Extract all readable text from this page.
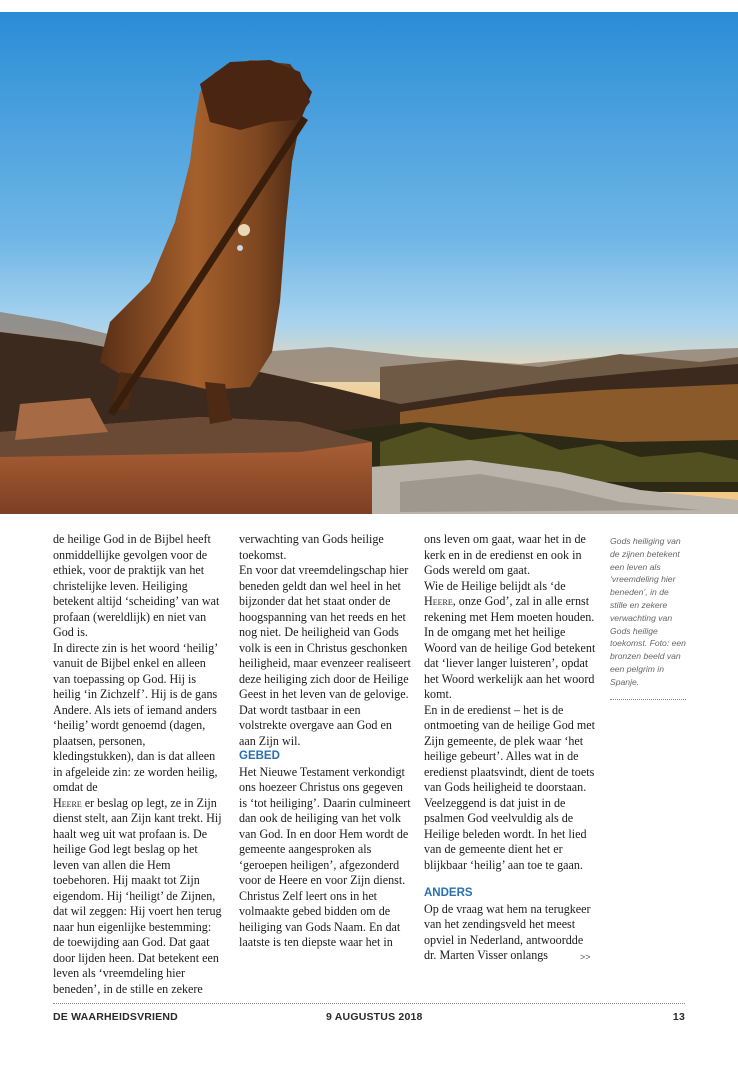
de heilige God in de Bijbel heeft onmiddellijke gevolgen voor de ethiek, voor de praktijk van het christelijke leven. Heiliging betekent altijd ‘scheiding’ van wat profaan (wereldlijk) en niet van God is.

In directe zin is het woord ‘heilig’ vanuit de Bijbel enkel en alleen van toepassing op God. Hij is heilig ‘in Zichzelf’. Hij is de gans Andere. Als iets of iemand anders ‘heilig’ wordt genoemd (dagen, plaatsen, personen, kledingstukken), dan is dat alleen in afgeleide zin: ze worden heilig, omdat de

Heere er beslag op legt, ze in Zijn dienst stelt, aan Zijn kant trekt. Hij haalt weg uit wat profaan is. De heilige God legt beslag op het leven van allen die Hem toebehoren. Hij maakt tot Zijn eigendom. Hij ‘heiligt’ de Zijnen, dat wil zeggen: Hij voert hen terug naar hun eigenlijke bestemming: de toewijding aan God. Dat gaat door lijden heen. Dat betekent een leven als ‘vreemdeling hier beneden’, in de stille en zekere

verwachting van Gods heilige toekomst.

En voor dat vreemdelingschap hier beneden geldt dan wel heel in het bijzonder dat het staat onder de hoogspanning van het reeds en het nog niet. De heiligheid van Gods volk is een in Christus geschonken heiligheid, maar evenzeer realiseert deze heiliging zich door de Heilige Geest in het leven van de gelovige. Dat wordt tastbaar in een volstrekte overgave aan God en aan Zijn wil.

GEBED

Het Nieuwe Testament verkondigt ons hoezeer Christus ons gegeven is ‘tot heiliging’. Daarin culmineert dan ook de heiliging van het volk van God. In en door Hem wordt de gemeente aangesproken als ‘geroepen heiligen’, afgezonderd voor de Heere en voor Zijn dienst.

Christus Zelf leert ons in het volmaakte gebed bidden om de heiliging van Gods Naam. En dat laatste is ten diepste waar het in

ons leven om gaat, waar het in de kerk en in de eredienst en ook in Gods wereld om gaat.

Wie de Heilige belijdt als ‘de Heere, onze God’, zal in alle ernst rekening met Hem moeten houden. In de omgang met het heilige Woord van de heilige God betekent dat ‘liever langer luisteren’, opdat het Woord werkelijk aan het woord komt.

En in de eredienst – het is de ontmoeting van de heilige God met Zijn gemeente, de plek waar ‘het heilige gebeurt’. Alles wat in de eredienst plaatsvindt, dient de toets van Gods heiligheid te doorstaan. Veelzeggend is dat juist in de psalmen God veelvuldig als de Heilige beleden wordt. In het lied van de gemeente dient het er blijkbaar ‘heilig’ aan toe te gaan.

ANDERS

Op de vraag wat hem na terugkeer van het zendingsveld het meest opviel in Nederland, antwoordde dr. Marten Visser onlangs	>>
Gods heiliging van de zijnen betekent een leven als ‘vreemdeling hier beneden’, in de stille en zekere verwachting van Gods heilige toekomst. Foto: een bronzen beeld van een pelgrim in Spanje.
DE WAARHEIDSVRIEND	9 AUGUSTUS 2018	13
